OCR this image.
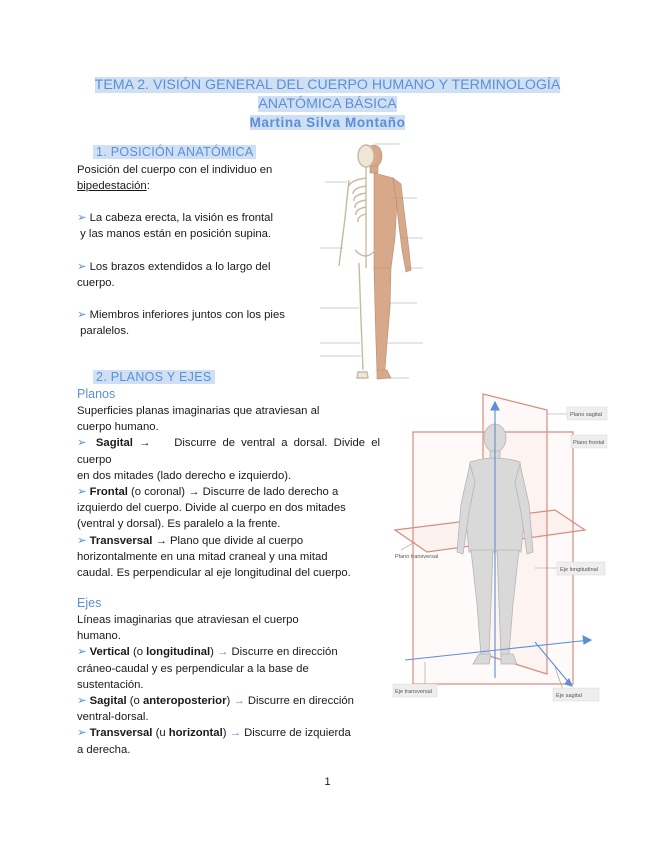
TEMA 2. VISIÓN GENERAL DEL CUERPO HUMANO Y TERMINOLOGÍA
ANATÓMICA BÁSICA
Martina Silva Montaño
1. POSICIÓN ANATÓMICA
Posición del cuerpo con el individuo en
bipedestación:
➢ La cabeza erecta, la visión es frontal
y las manos están en posición supina.
➢ Los brazos extendidos a lo largo del
cuerpo.
➢ Miembros inferiores juntos con los pies
paralelos.
2. PLANOS Y EJES
Planos
Superficies planas imaginarias que atraviesan al
cuerpo humano.

➢ Sagital →	Discurre de ventral a dorsal. Divide el
cuerpo
en dos mitades (lado derecho e izquierdo).
➢ Frontal (o coronal) → Discurre de lado derecho a
izquierdo del cuerpo. Divide al cuerpo en dos mitades
(ventral y dorsal). Es paralelo a la frente.
➢ Transversal → Plano que divide al cuerpo
horizontalmente en una mitad craneal y una mitad
caudal. Es perpendicular al eje longitudinal del cuerpo.
Ejes
Líneas imaginarias que atraviesan el cuerpo
humano.
➢ Vertical (o longitudinal) → Discurre en dirección
cráneo-caudal y es perpendicular a la base de
sustentación.
➢ Sagital (o anteroposterior) → Discurre en dirección
ventral-dorsal.
➢ Transversal (u horizontal) → Discurre de izquierda
a derecha.
Plano sagital
Plano frontal
Plano transversal
Eje longitudinal
Eje transversal
Eje sagital
1
